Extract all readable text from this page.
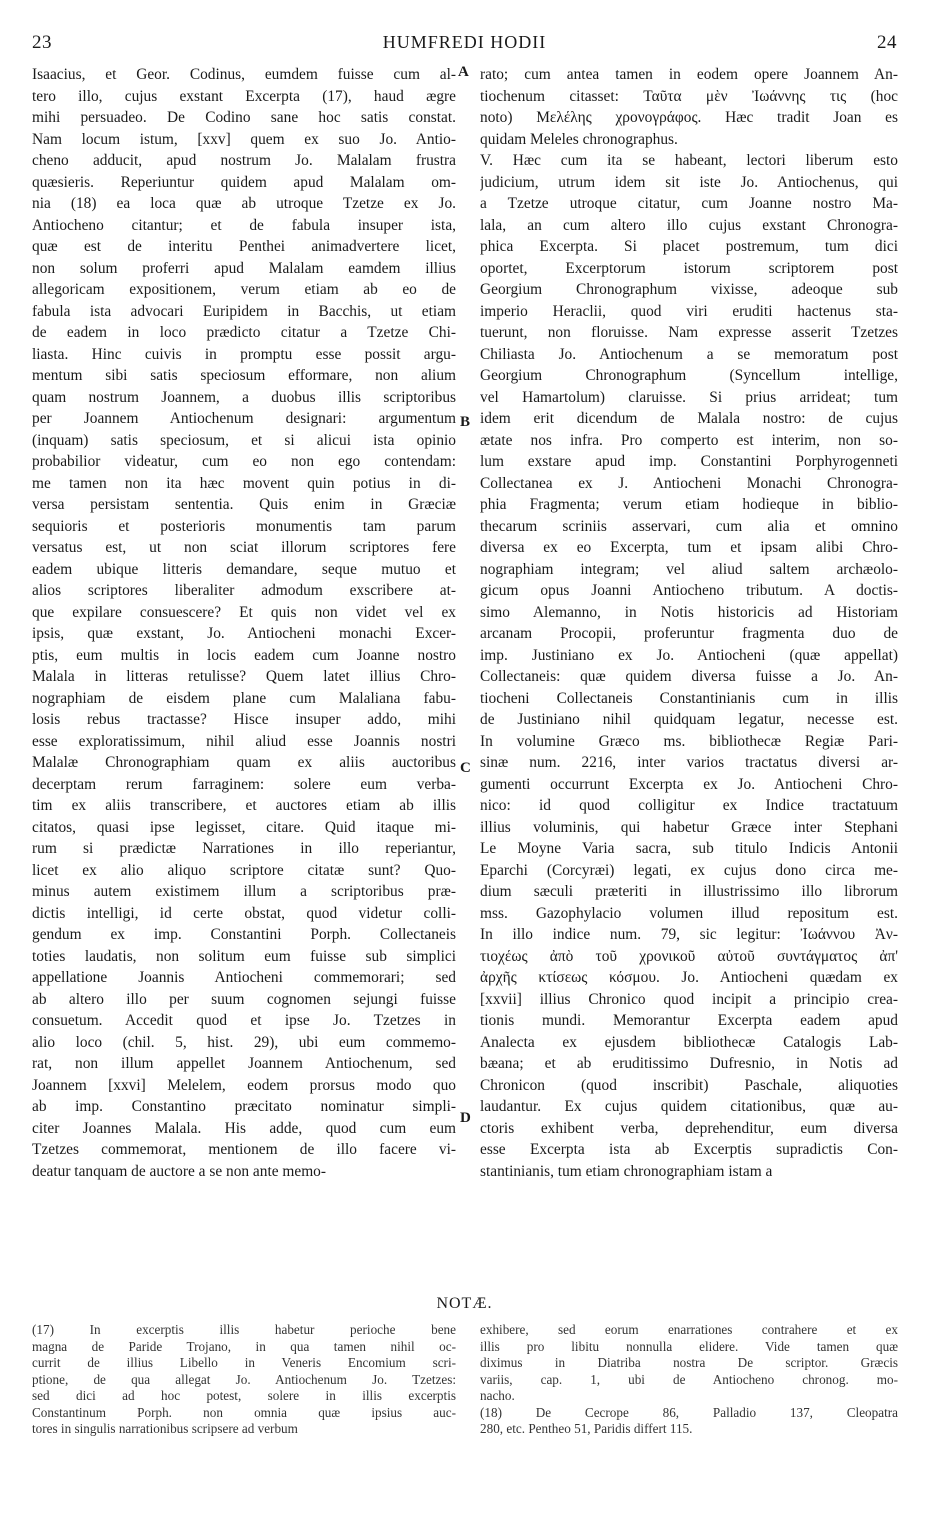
23	HUMFREDI HODII	24
Isaacius, et Geor. Codinus, eumdem fuisse cum al-
tero illo, cujus exstant Excerpta (17), haud ægre
mihi persuadeo. De Codino sane hoc satis constat.
Nam locum istum, [xxv] quem ex suo Jo. Antio-
cheno adducit, apud nostrum Jo. Malalam frustra
quæsieris. Reperiuntur quidem apud Malalam om-
nia (18) ea loca quæ ab utroque Tzetze ex Jo.
Antiocheno citantur; et de fabula insuper ista,
quæ est de interitu Penthei animadvertere licet,
non solum proferri apud Malalam eamdem illius
allegoricam expositionem, verum etiam ab eo de
fabula ista advocari Euripidem in Bacchis, ut etiam
de eadem in loco prædicto citatur a Tzetze Chi-
liasta. Hinc cuivis in promptu esse possit argu-
mentum sibi satis speciosum efformare, non alium
quam nostrum Joannem, a duobus illis scriptoribus
per Joannem Antiochenum designari: argumentum
(inquam) satis speciosum, et si alicui ista opinio
probabilior videatur, cum eo non ego contendam:
me tamen non ita hæc movent quin potius in di-
versa persistam sententia. Quis enim in Græciæ
sequioris et posterioris monumentis tam parum
versatus est, ut non sciat illorum scriptores fere
eadem ubique litteris demandare, seque mutuo et
alios scriptores liberaliter admodum exscribere at-
que expilare consuescere? Et quis non videt vel ex
ipsis, quæ exstant, Jo. Antiocheni monachi Excer-
ptis, eum multis in locis eadem cum Joanne nostro
Malala in litteras retulisse? Quem latet illius Chro-
nographiam de eisdem plane cum Malaliana fabu-
losis rebus tractasse? Hisce insuper addo, mihi
esse exploratissimum, nihil aliud esse Joannis nostri
Malalæ Chronographiam quam ex aliis auctoribus
decerptam rerum farraginem: solere eum verba-
tim ex aliis transcribere, et auctores etiam ab illis
citatos, quasi ipse legisset, citare. Quid itaque mi-
rum si prædictæ Narrationes in illo reperiantur,
licet ex alio aliquo scriptore citatæ sunt? Quo-
minus autem existimem illum a scriptoribus præ-
dictis intelligi, id certe obstat, quod videtur colli-
gendum ex imp. Constantini Porph. Collectaneis
toties laudatis, non solitum eum fuisse sub simplici
appellatione Joannis Antiocheni commemorari; sed
ab altero illo per suum cognomen sejungi fuisse
consuetum. Accedit quod et ipse Jo. Tzetzes in
alio loco (chil. 5, hist. 29), ubi eum commemo-
rat, non illum appellet Joannem Antiochenum, sed
Joannem [xxvi] Melelem, eodem prorsus modo quo
ab imp. Constantino præcitato nominatur simpli-
citer Joannes Malala. His adde, quod cum eum
Tzetzes commemorat, mentionem de illo facere vi-
deatur tanquam de auctore a se non ante memo-
rato; cum antea tamen in eodem opere Joannem An-
tiochenum citasset: Ταῦτα μὲν Ἰωάννης τις (hoc
noto) Μελέλης χρονογράφος. Hæc tradit Joan es
quidam Meleles chronographus.
V. Hæc cum ita se habeant, lectori liberum esto
judicium, utrum idem sit iste Jo. Antiochenus, qui
a Tzetze utroque citatur, cum Joanne nostro Ma-
lala, an cum altero illo cujus exstant Chronogra-
phica Excerpta. Si placet postremum, tum dici
oportet, Excerptorum istorum scriptorem post
Georgium Chronographum vixisse, adeoque sub
imperio Heraclii, quod viri eruditi hactenus sta-
tuerunt, non floruisse. Nam expresse asserit Tzetzes
Chiliasta Jo. Antiochenum a se memoratum post
Georgium Chronographum (Syncellum intellige,
vel Hamartolum) claruisse. Si prius arrideat; tum
idem erit dicendum de Malala nostro: de cujus
ætate nos infra. Pro comperto est interim, non so-
lum exstare apud imp. Constantini Porphyrogenneti
Collectanea ex J. Antiocheni Monachi Chronogra-
phia Fragmenta; verum etiam hodieque in biblio-
thecarum scriniis asservari, cum alia et omnino
diversa ex eo Excerpta, tum et ipsam alibi Chro-
nographiam integram; vel aliud saltem archæolo-
gicum opus Joanni Antiocheno tributum. A doctis-
simo Alemanno, in Notis historicis ad Historiam
arcanam Procopii, proferuntur fragmenta duo de
imp. Justiniano ex Jo. Antiocheni (quæ appellat)
Collectaneis: quæ quidem diversa fuisse a Jo. An-
tiocheni Collectaneis Constantinianis cum in illis
de Justiniano nihil quidquam legatur, necesse est.
In volumine Græco ms. bibliothecæ Regiæ Pari-
sinæ num. 2216, inter varios tractatus diversi ar-
gumenti occurrunt Excerpta ex Jo. Antiocheni Chro-
nico: id quod colligitur ex Indice tractatuum
illius voluminis, qui habetur Græce inter Stephani
Le Moyne Varia sacra, sub titulo Indicis Antonii
Eparchi (Corcyræi) legati, ex cujus dono circa me-
dium sæculi præteriti in illustrissimo illo librorum
mss. Gazophylacio volumen illud repositum est.
In illo indice num. 79, sic legitur: Ἰωάννου Ἀν-
τιοχέως ἀπὸ τοῦ χρονικοῦ αὐτοῦ συντάγματος ἀπ'
ἀρχῆς κτίσεως κόσμου. Jo. Antiocheni quædam ex
[xxvii] illius Chronico quod incipit a principio crea-
tionis mundi. Memorantur Excerpta eadem apud
Analecta ex ejusdem bibliothecæ Catalogis Lab-
bæana; et ab eruditissimo Dufresnio, in Notis ad
Chronicon (quod inscribit) Paschale, aliquoties
laudantur. Ex cujus quidem citationibus, quæ au-
ctoris exhibent verba, deprehenditur, eum diversa
esse Excerpta ista ab Excerptis supradictis Con-
stantinianis, tum etiam chronographiam istam a
A
B
C
D
NOTÆ.
(17) In excerptis illis habetur perioche bene
magna de Paride Trojano, in qua tamen nihil oc-
currit de illius Libello in Veneris Encomium scri-
ptione, de qua allegat Jo. Antiochenum Jo. Tzetzes:
sed dici ad hoc potest, solere in illis excerptis
Constantinum Porph. non omnia quæ ipsius auc-
tores in singulis narrationibus scripsere ad verbum
exhibere, sed eorum enarrationes contrahere et ex
illis pro libitu nonnulla elidere. Vide tamen quæ
diximus in Diatriba nostra De scriptor. Græcis
variis, cap. 1, ubi de Antiocheno chronog. mo-
nacho.
(18) De Cecrope 86, Palladio 137, Cleopatra
280, etc. Pentheo 51, Paridis differt 115.
